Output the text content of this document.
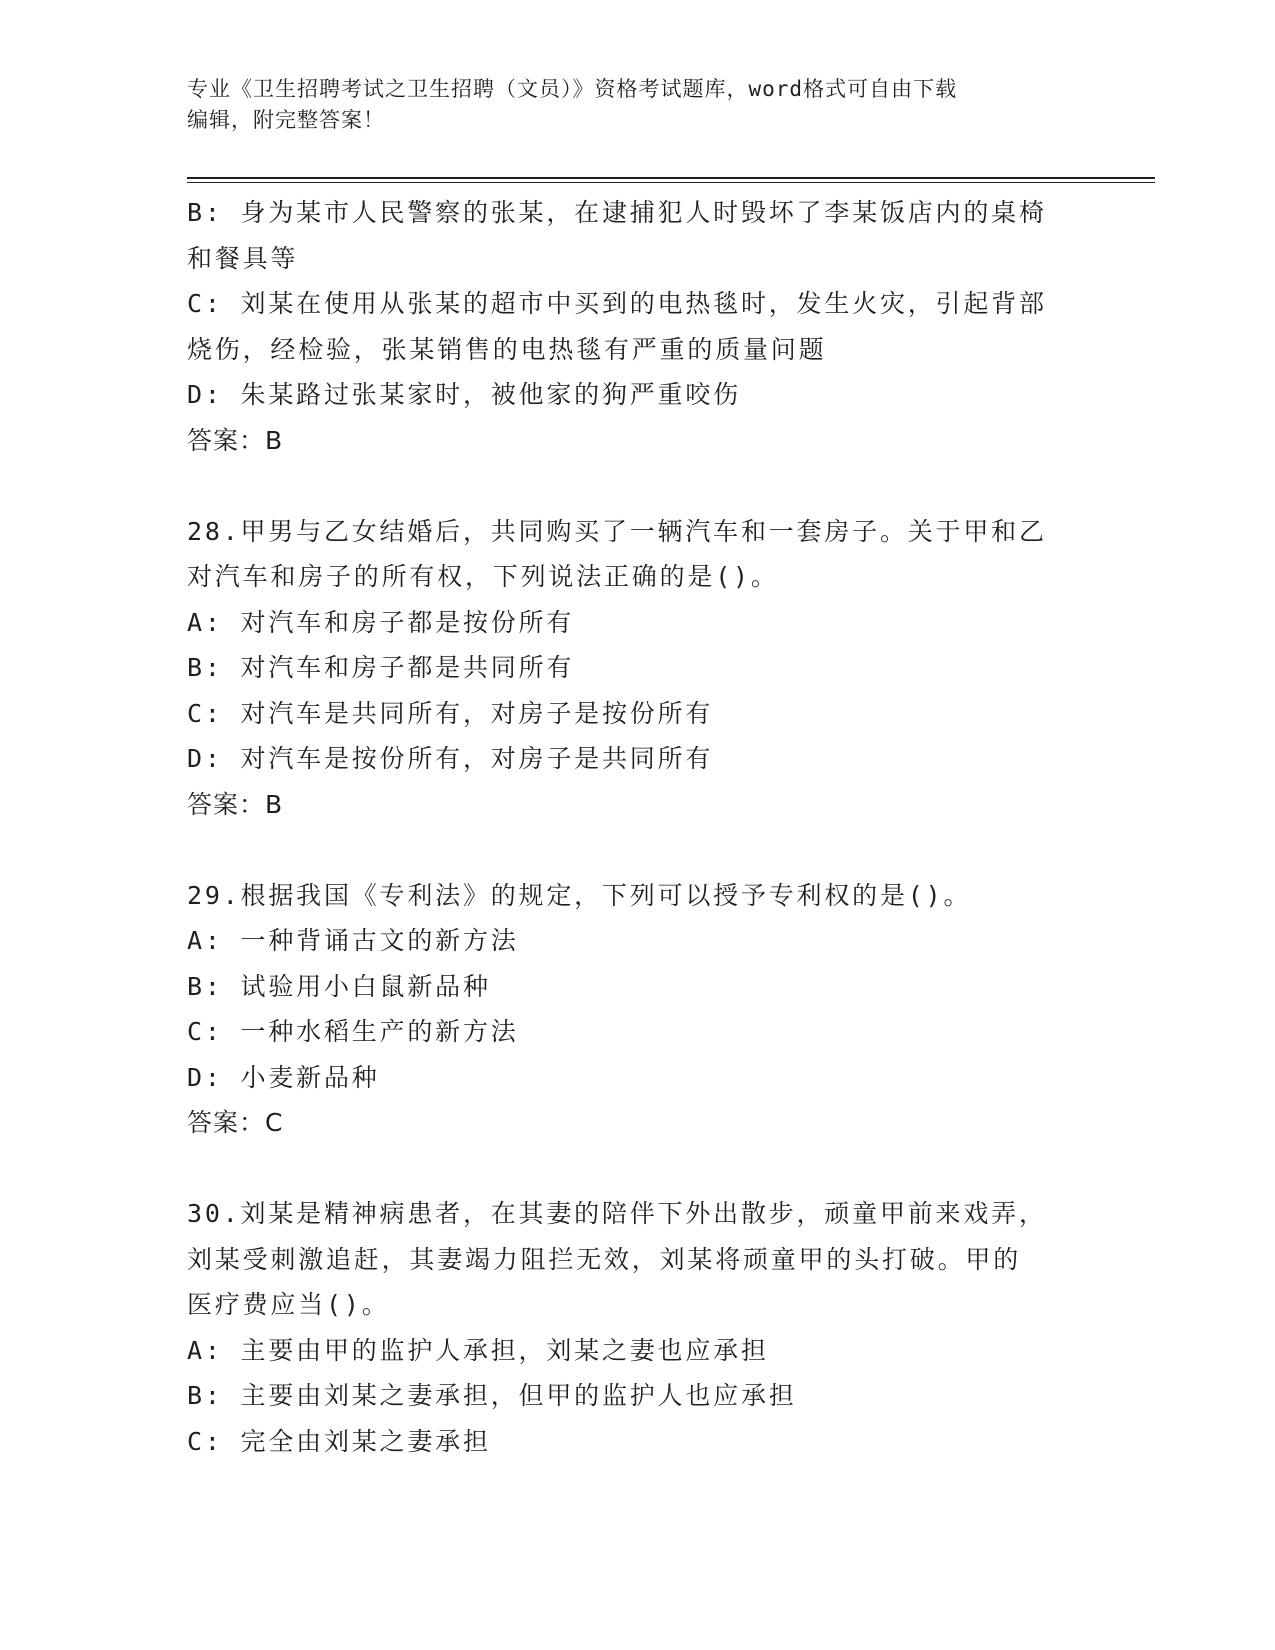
专业《卫生招聘考试之卫生招聘（文员）》资格考试题库，word格式可自由下载
编辑，附完整答案！
B: 身为某市人民警察的张某，在逮捕犯人时毁坏了李某饭店内的桌椅
和餐具等
C: 刘某在使用从张某的超市中买到的电热毯时，发生火灾，引起背部
烧伤，经检验，张某销售的电热毯有严重的质量问题
D: 朱某路过张某家时，被他家的狗严重咬伤
答案：B
28.甲男与乙女结婚后，共同购买了一辆汽车和一套房子。关于甲和乙
对汽车和房子的所有权，下列说法正确的是()。
A: 对汽车和房子都是按份所有
B: 对汽车和房子都是共同所有
C: 对汽车是共同所有，对房子是按份所有
D: 对汽车是按份所有，对房子是共同所有
答案：B
29.根据我国《专利法》的规定，下列可以授予专利权的是()。
A: 一种背诵古文的新方法
B: 试验用小白鼠新品种
C: 一种水稻生产的新方法
D: 小麦新品种
答案：C
30.刘某是精神病患者，在其妻的陪伴下外出散步，顽童甲前来戏弄，
刘某受刺激追赶，其妻竭力阻拦无效，刘某将顽童甲的头打破。甲的
医疗费应当()。
A: 主要由甲的监护人承担，刘某之妻也应承担
B: 主要由刘某之妻承担，但甲的监护人也应承担
C: 完全由刘某之妻承担
